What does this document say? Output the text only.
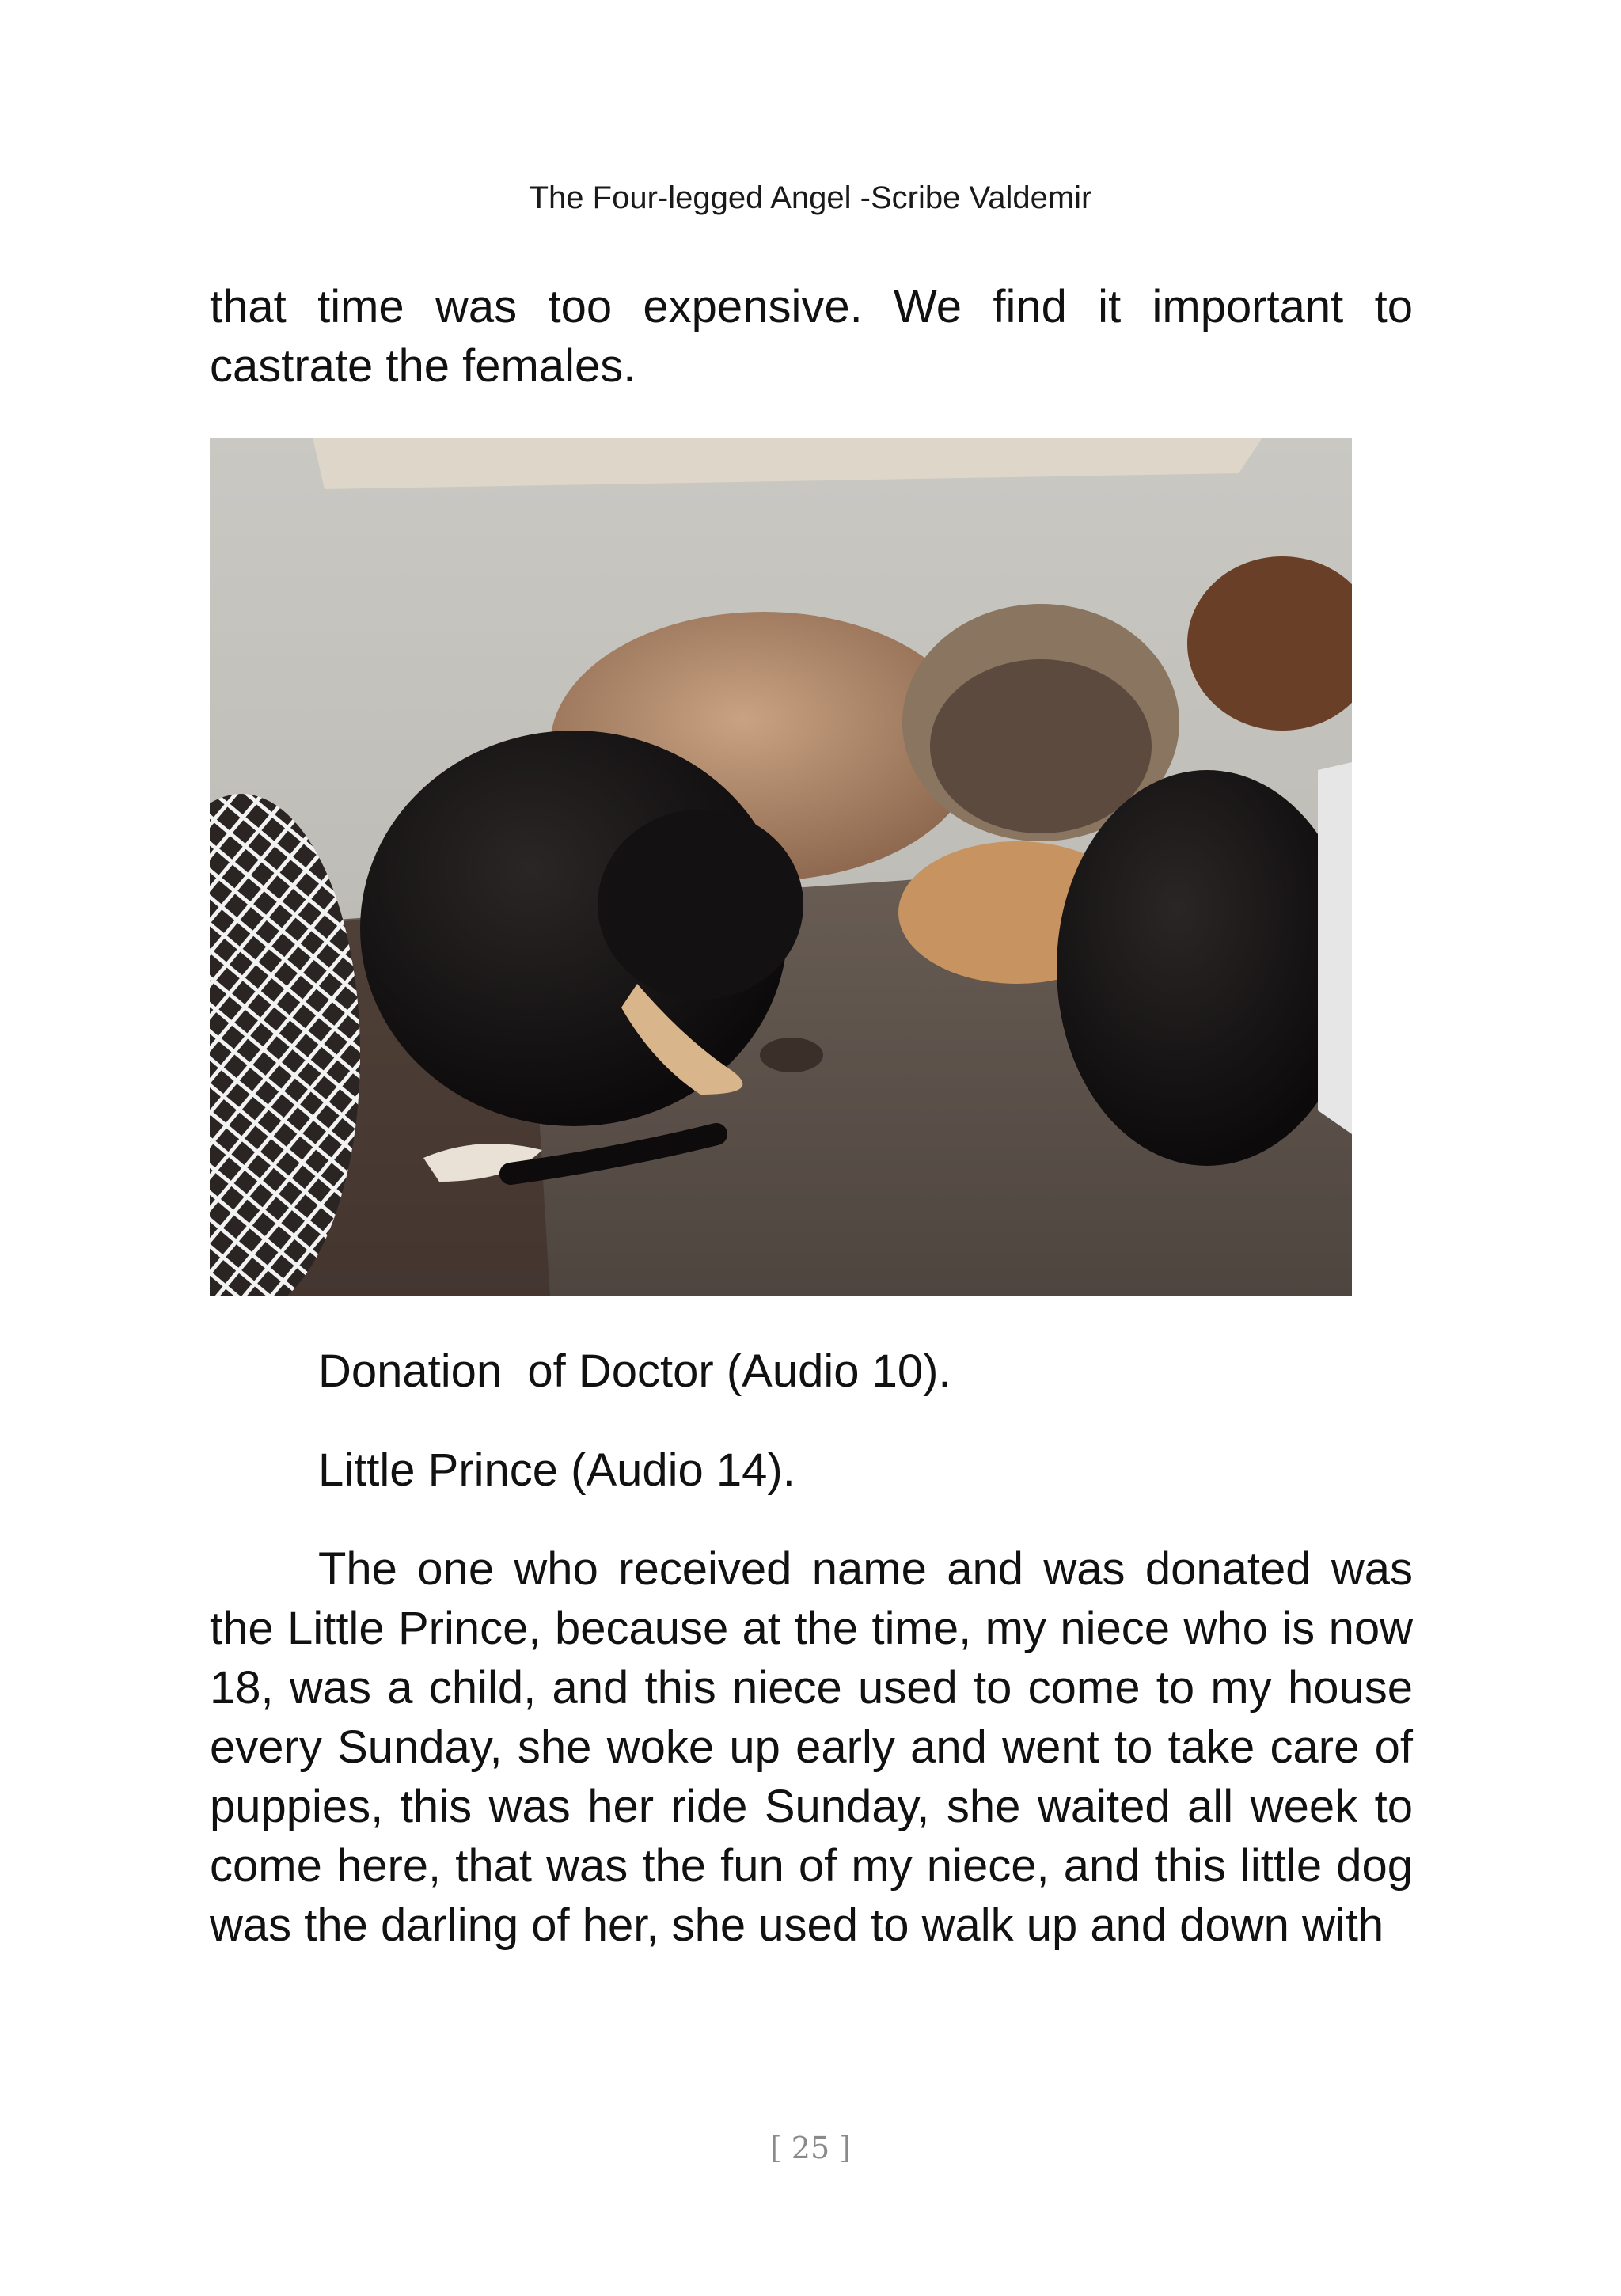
The Four-legged Angel -Scribe Valdemir
that time was too expensive. We find it important to castrate the females.
Donation  of Doctor (Audio 10).
Little Prince (Audio 14).
The one who received name and was donated was the Little Prince, because at the time, my niece who is now 18, was a child, and this niece used to come to my house every Sunday, she woke up early and went to take care of puppies, this was her ride Sunday, she waited all week to come here, that was the fun of my niece, and this little dog was the darling of her, she used to walk up and down with
[ 25 ]
